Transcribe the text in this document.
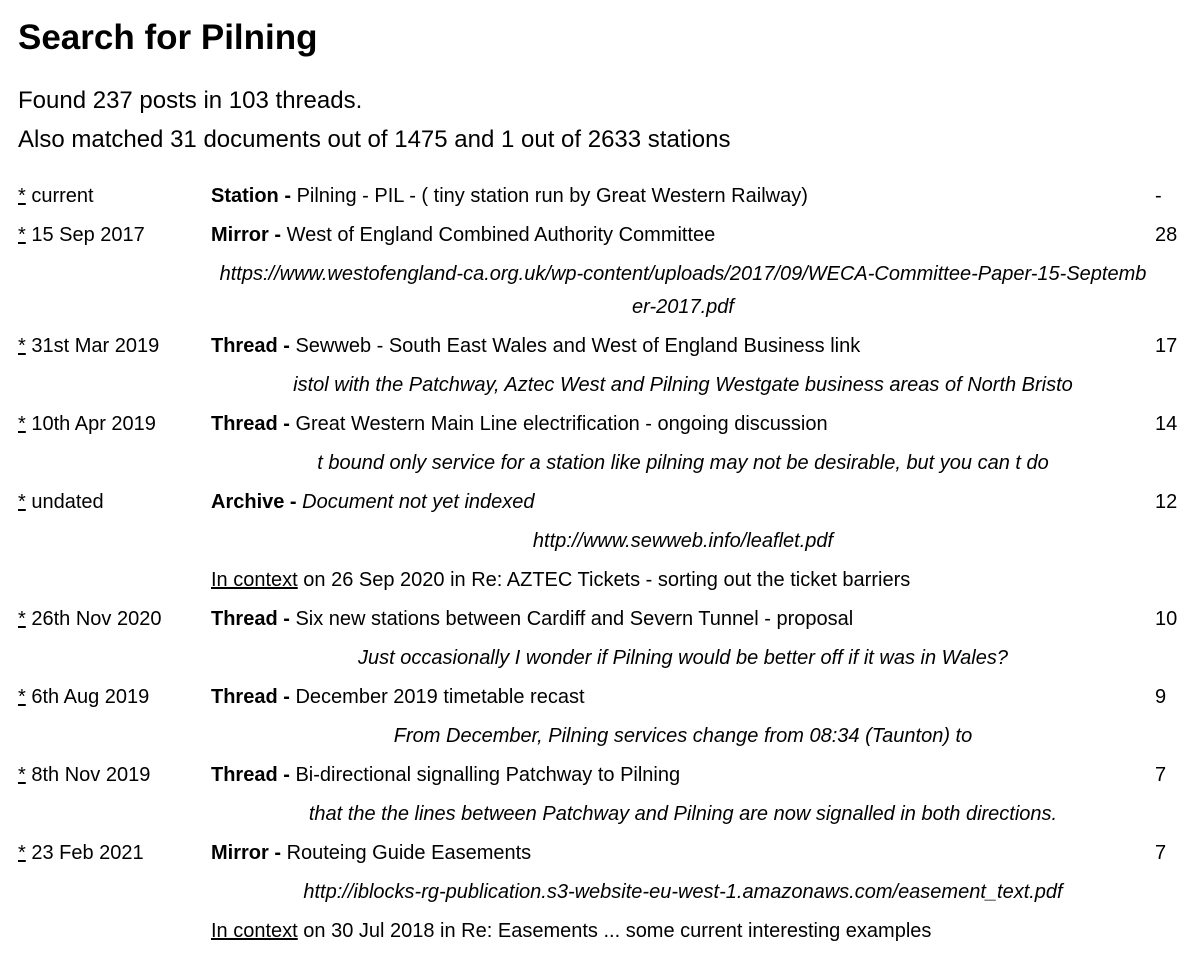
Search for Pilning
Found 237 posts in 103 threads.
Also matched 31 documents out of 1475 and 1 out of 2633 stations
* current	Station - Pilning - PIL - ( tiny station run by Great Western Railway)	-
* 15 Sep 2017	Mirror - West of England Combined Authority Committee	28
	https://www.westofengland-ca.org.uk/wp-content/uploads/2017/09/WECA-Committee-Paper-15-September-2017.pdf	
* 31st Mar 2019	Thread - Sewweb - South East Wales and West of England Business link	17
	istol with the Patchway, Aztec West and Pilning Westgate business areas of North Bristo	
* 10th Apr 2019	Thread - Great Western Main Line electrification - ongoing discussion	14
	t bound only service for a station like pilning may not be desirable, but you can t do	
* undated	Archive - Document not yet indexed	12
	http://www.sewweb.info/leaflet.pdf	
	In context on 26 Sep 2020 in Re: AZTEC Tickets - sorting out the ticket barriers	
* 26th Nov 2020	Thread - Six new stations between Cardiff and Severn Tunnel - proposal	10
	Just occasionally I wonder if Pilning would be better off if it was in Wales?	
* 6th Aug 2019	Thread - December 2019 timetable recast	9
	From December, Pilning services change from 08:34 (Taunton) to	
* 8th Nov 2019	Thread - Bi-directional signalling Patchway to Pilning	7
	that the the lines between Patchway and Pilning are now signalled in both directions.	
* 23 Feb 2021	Mirror - Routeing Guide Easements	7
	http://iblocks-rg-publication.s3-website-eu-west-1.amazonaws.com/easement_text.pdf	
	In context on 30 Jul 2018 in Re: Easements ... some current interesting examples	
